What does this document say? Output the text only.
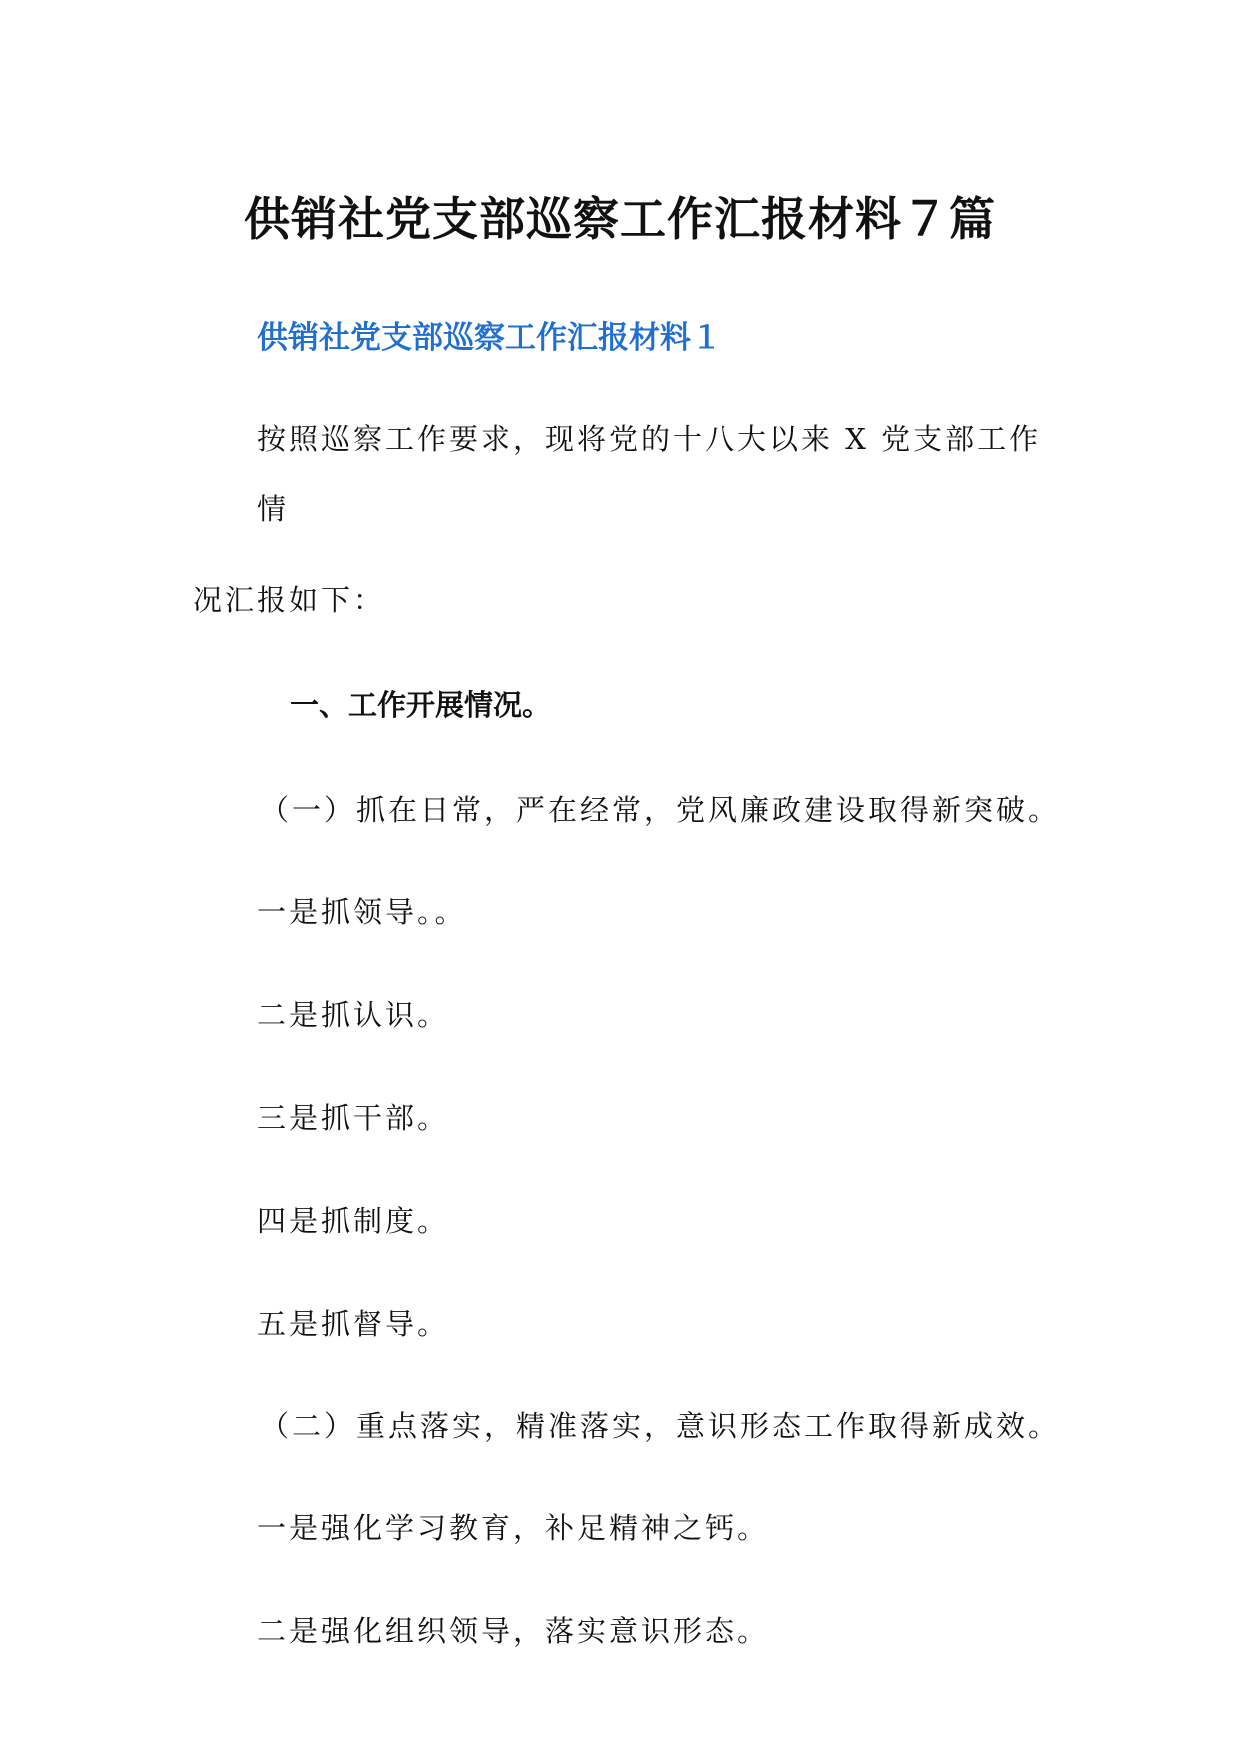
供销社党支部巡察工作汇报材料７篇
供销社党支部巡察工作汇报材料１
按照巡察工作要求，现将党的十八大以来 X 党支部工作
情
况汇报如下：
一、工作开展情况。
（一）抓在日常，严在经常，党风廉政建设取得新突破。
一是抓领导。。
二是抓认识。
三是抓干部。
四是抓制度。
五是抓督导。
（二）重点落实，精准落实，意识形态工作取得新成效。
一是强化学习教育，补足精神之钙。
二是强化组织领导，落实意识形态。
